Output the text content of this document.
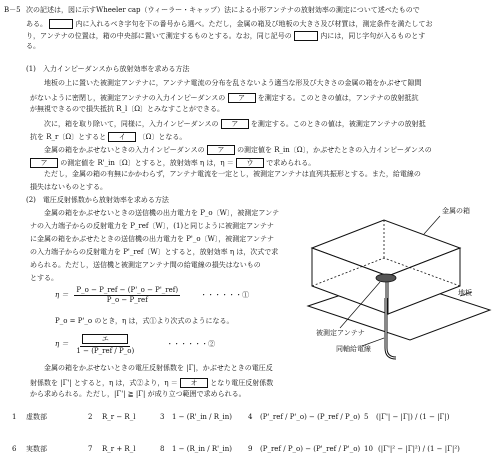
B－5 次の記述は，図に示すWheeler cap（ウィーラー・キャップ）法による小形アンテナの放射効率の測定について述べたもので
ある。	内に入れるべき字句を下の番号から選べ。ただし，金属の箱及び地板の大きさ及び材質は，測定条件を満たしてお
り，アンテナの位置は，箱の中央部に置いて測定するものとする。なお，同じ記号の	内には，同じ字句が入るものとす
る。
(1)　入力インピーダンスから放射効率を求める方法
地板の上に置いた被測定アンテナに，アンテナ電流の分布を乱さないよう適当な形及び大きさの金属の箱をかぶせて隙間
がないように密閉し，被測定アンテナの入力インピーダンスの ア を測定する。このときの値は，アンテナの放射抵抗
が無視できるので損失抵抗 R_l〔Ω〕とみなすことができる。
次に，箱を取り除いて，同様に，入力インピーダンスの ア を測定する。このときの値は，被測定アンテナの放射抵
抗を R_r〔Ω〕とすると イ 〔Ω〕となる。
金属の箱をかぶせないときの入力インピーダンスの ア の測定値を R_in〔Ω〕，かぶせたときの入力インピーダンスの
ア の測定値を R'_in〔Ω〕とすると，放射効率 η は，η ＝ ウ で求められる。
ただし，金属の箱の有無にかかわらず，アンテナ電流を一定とし，被測定アンテナは直列共振形とする。また，給電線の
損失はないものとする。
(2)　電圧反射係数から放射効率を求める方法
金属の箱をかぶせないときの送信機の出力電力を P_o〔W〕，被測定アンテ
ナの入力端子からの反射電力を P_ref〔W〕，(1)と同じように被測定アンテナ
に金属の箱をかぶせたときの送信機の出力電力を P'_o〔W〕，被測定アンテナ
の入力端子からの反射電力を P'_ref〔W〕とすると，放射効率 η は，次式で求
められる。ただし，送信機と被測定アンテナ間の給電線の損失はないもの
とする。
$\eta = \frac{\text{P\_o − P\_ref − (P'\_o − P'\_ref)}}{\text{P\_o − P\_ref}}$	・・・・・・①
P_o = P'_o のとき，η は，式①より次式のようになる。
$\eta = \frac{\text{エ}}{\text{1 − (P\_ref / P\_o)}}$	・・・・・・②
金属の箱をかぶせないときの電圧反射係数を |Γ|，かぶせたときの電圧反
射係数を |Γ'| とすると，η は，式②より，η ＝ オ となり電圧反射係数
から求められる。ただし，|Γ'| ≧ |Γ| が成り立つ範囲で求められる。
金属の箱
地板
被測定アンテナ
同軸給電線
1 虚数部	2 R_r − R_l	3 1 − (R'_in / R_in) 4 (P'_ref / P'_o) − (P_ref / P_o) 5 (|Γ'| − |Γ|) / (1 − |Γ|)
6 実数部	7 R_r + R_l	8 1 − (R_in / R'_in) 9 (P_ref / P_o) − (P'_ref / P'_o) 10 (|Γ'|² − |Γ|²) / (1 − |Γ|²)
